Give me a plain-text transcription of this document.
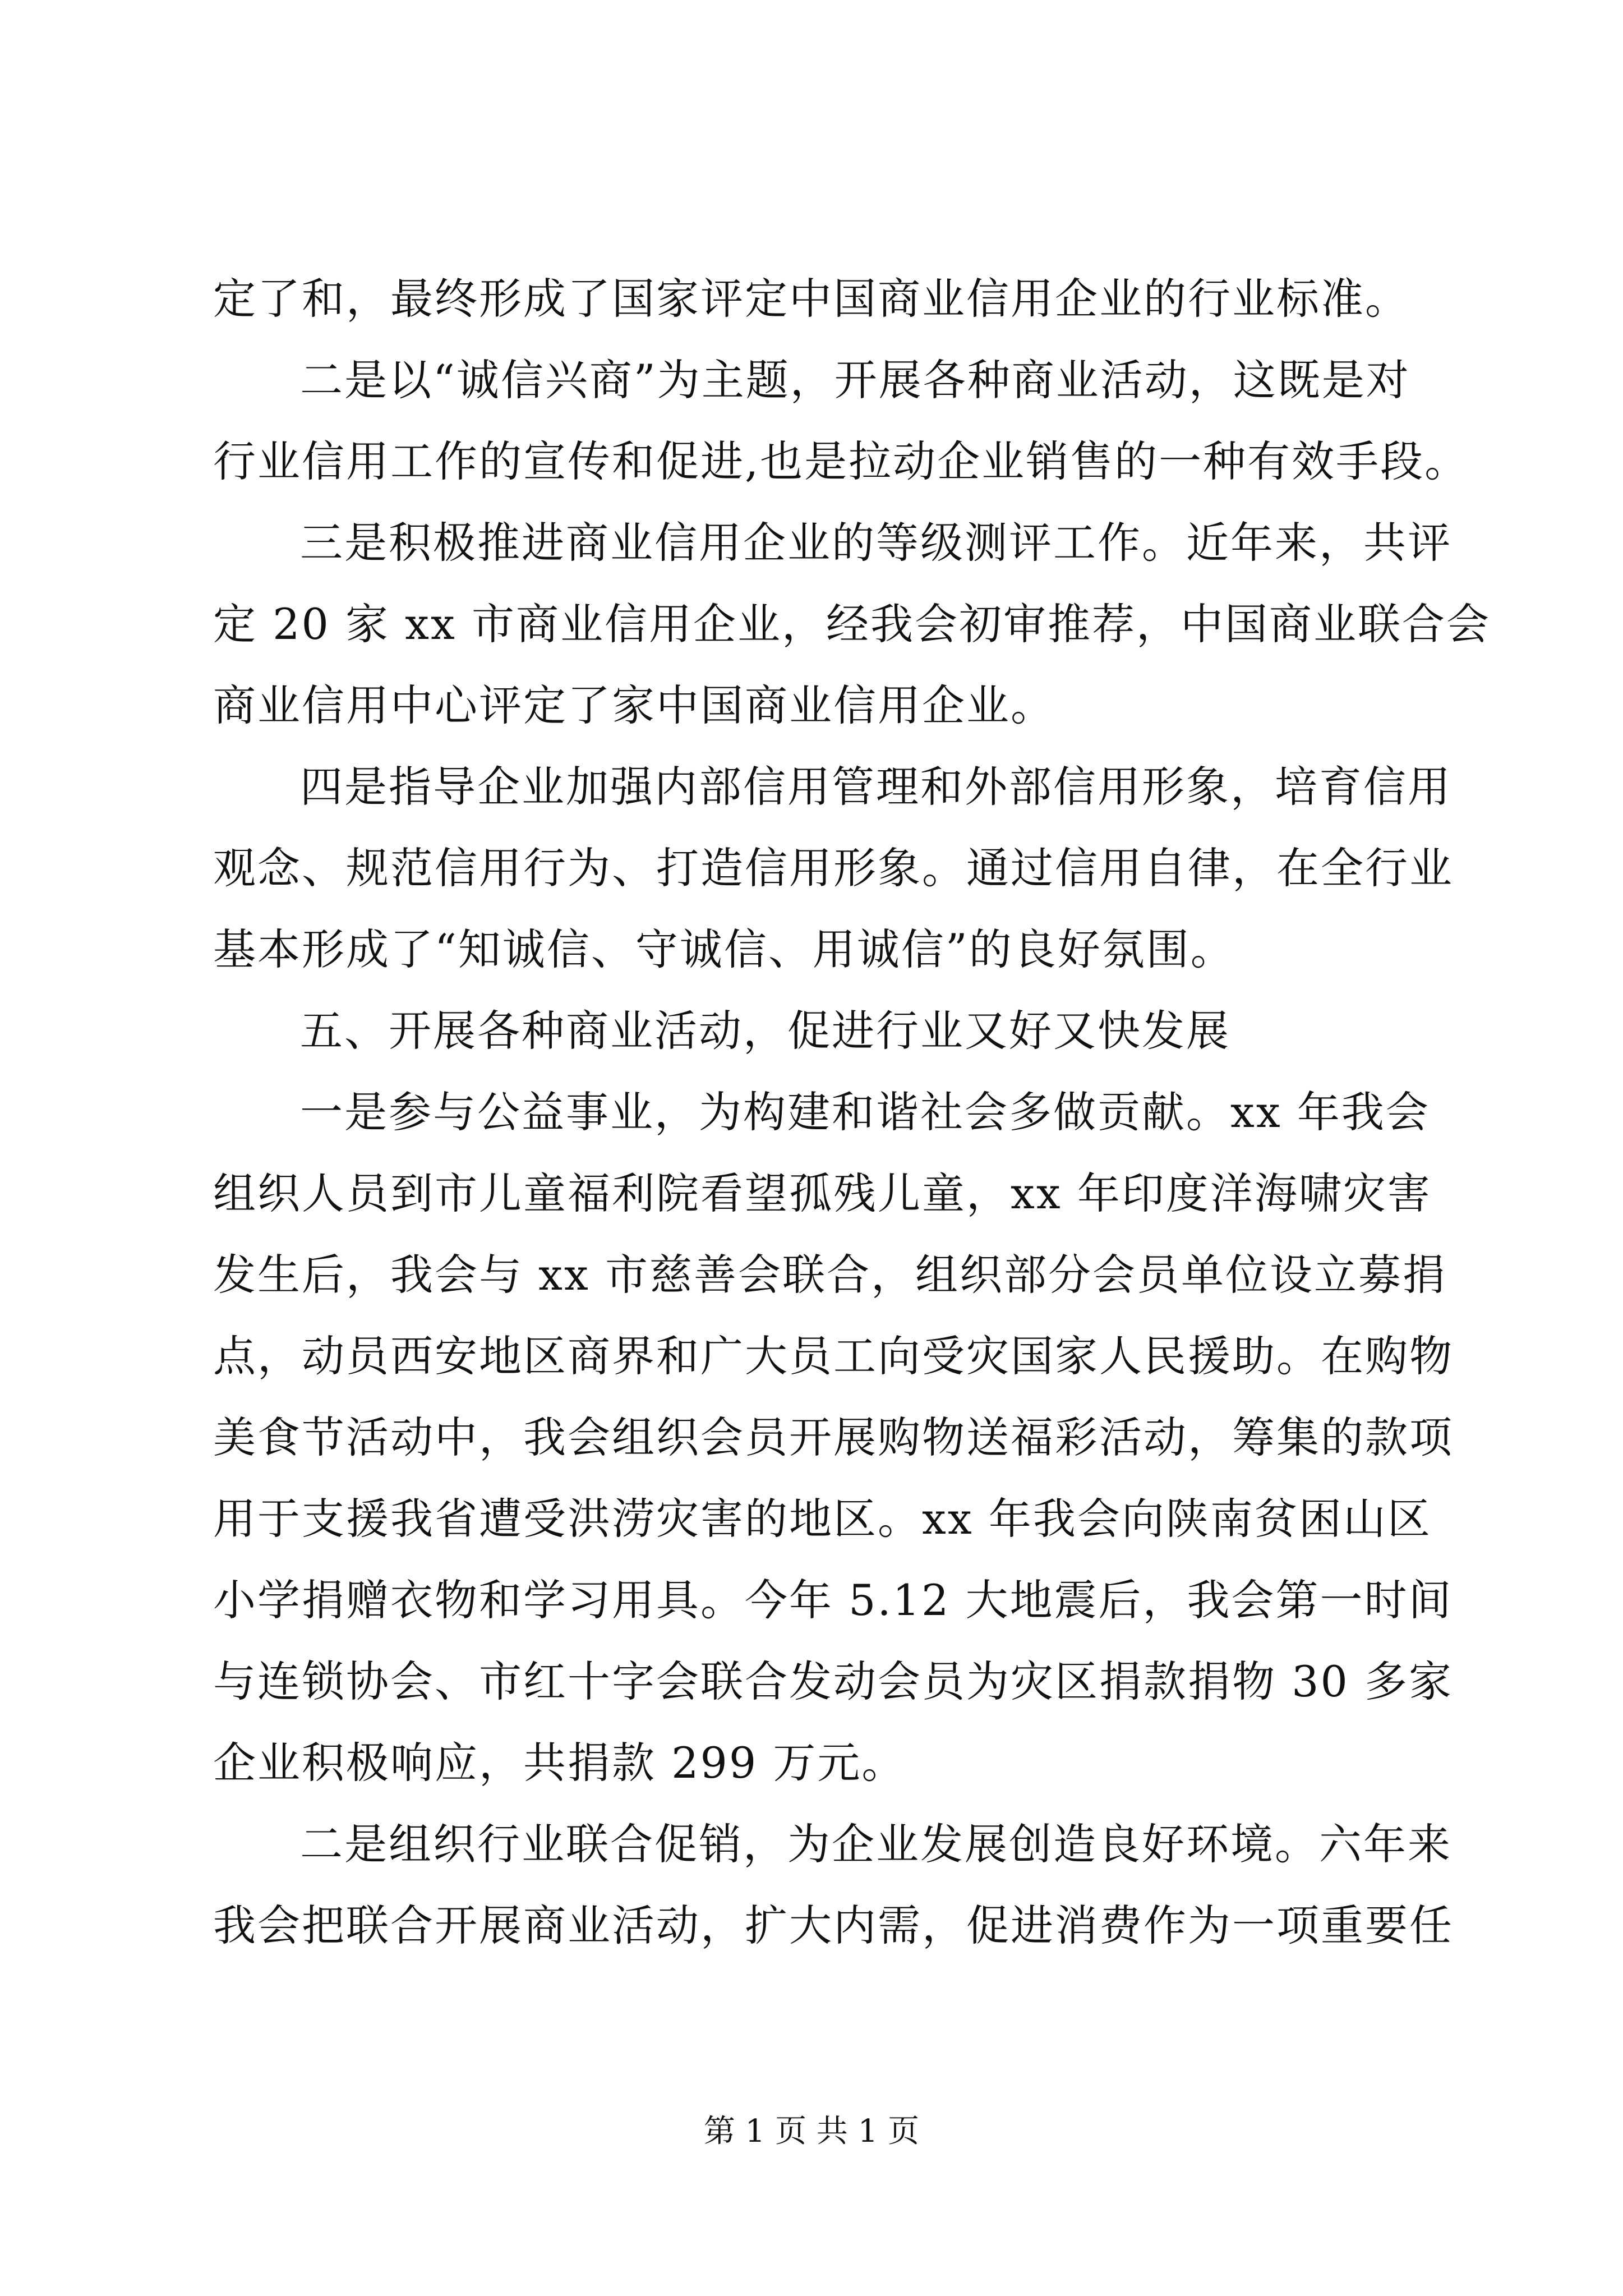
定了和，最终形成了国家评定中国商业信用企业的行业标准。
二是以“诚信兴商”为主题，开展各种商业活动，这既是对
行业信用工作的宣传和促进,也是拉动企业销售的一种有效手段。
三是积极推进商业信用企业的等级测评工作。近年来，共评
定 20 家 xx 市商业信用企业，经我会初审推荐，中国商业联合会
商业信用中心评定了家中国商业信用企业。
四是指导企业加强内部信用管理和外部信用形象，培育信用
观念、规范信用行为、打造信用形象。通过信用自律，在全行业
基本形成了“知诚信、守诚信、用诚信”的良好氛围。
五、开展各种商业活动，促进行业又好又快发展
一是参与公益事业，为构建和谐社会多做贡献。xx 年我会
组织人员到市儿童福利院看望孤残儿童，xx 年印度洋海啸灾害
发生后，我会与 xx 市慈善会联合，组织部分会员单位设立募捐
点，动员西安地区商界和广大员工向受灾国家人民援助。在购物
美食节活动中，我会组织会员开展购物送福彩活动，筹集的款项
用于支援我省遭受洪涝灾害的地区。xx 年我会向陕南贫困山区
小学捐赠衣物和学习用具。今年 5.12 大地震后，我会第一时间
与连锁协会、市红十字会联合发动会员为灾区捐款捐物 30 多家
企业积极响应，共捐款 299 万元。
二是组织行业联合促销，为企业发展创造良好环境。六年来
我会把联合开展商业活动，扩大内需，促进消费作为一项重要任
第 1 页 共 1 页
